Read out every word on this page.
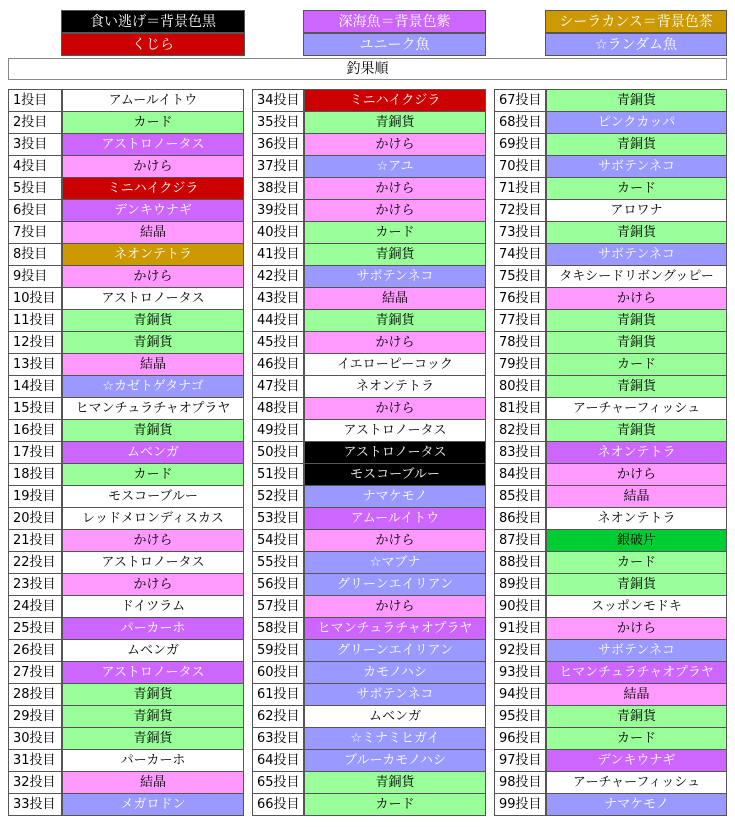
食い逃げ＝背景色黒	深海魚＝背景色紫	シーラカンス＝背景色茶
くじら	ユニーク魚	☆ランダム魚
釣果順
1投目	アムールイトウ
2投目	カード
3投目	アストロノータス
4投目	かけら
5投目	ミニハイクジラ
6投目	デンキウナギ
7投目	結晶
8投目	ネオンテトラ
9投目	かけら
10投目	アストロノータス
11投目	青銅貨
12投目	青銅貨
13投目	結晶
14投目	☆カゼトゲタナゴ
15投目	ヒマンチュラチャオプラヤ
16投目	青銅貨
17投目	ムベンガ
18投目	カード
19投目	モスコーブルー
20投目	レッドメロンディスカス
21投目	かけら
22投目	アストロノータス
23投目	かけら
24投目	ドイツラム
25投目	パーカーホ
26投目	ムベンガ
27投目	アストロノータス
28投目	青銅貨
29投目	青銅貨
30投目	青銅貨
31投目	パーカーホ
32投目	結晶
33投目	メガロドン
34投目	ミニハイクジラ
35投目	青銅貨
36投目	かけら
37投目	☆アユ
38投目	かけら
39投目	かけら
40投目	カード
41投目	青銅貨
42投目	サボテンネコ
43投目	結晶
44投目	青銅貨
45投目	かけら
46投目	イエローピーコック
47投目	ネオンテトラ
48投目	かけら
49投目	アストロノータス
50投目	アストロノータス
51投目	モスコーブルー
52投目	ナマケモノ
53投目	アムールイトウ
54投目	かけら
55投目	☆マブナ
56投目	グリーンエイリアン
57投目	かけら
58投目	ヒマンチュラチャオプラヤ
59投目	グリーンエイリアン
60投目	カモノハシ
61投目	サボテンネコ
62投目	ムベンガ
63投目	☆ミナミヒガイ
64投目	ブルーカモノハシ
65投目	青銅貨
66投目	カード
67投目	青銅貨
68投目	ピンクカッパ
69投目	青銅貨
70投目	サボテンネコ
71投目	カード
72投目	アロワナ
73投目	青銅貨
74投目	サボテンネコ
75投目	タキシードリボングッピー
76投目	かけら
77投目	青銅貨
78投目	青銅貨
79投目	カード
80投目	青銅貨
81投目	アーチャーフィッシュ
82投目	青銅貨
83投目	ネオンテトラ
84投目	かけら
85投目	結晶
86投目	ネオンテトラ
87投目	銀破片
88投目	カード
89投目	青銅貨
90投目	スッポンモドキ
91投目	かけら
92投目	サボテンネコ
93投目	ヒマンチュラチャオプラヤ
94投目	結晶
95投目	青銅貨
96投目	カード
97投目	デンキウナギ
98投目	アーチャーフィッシュ
99投目	ナマケモノ
